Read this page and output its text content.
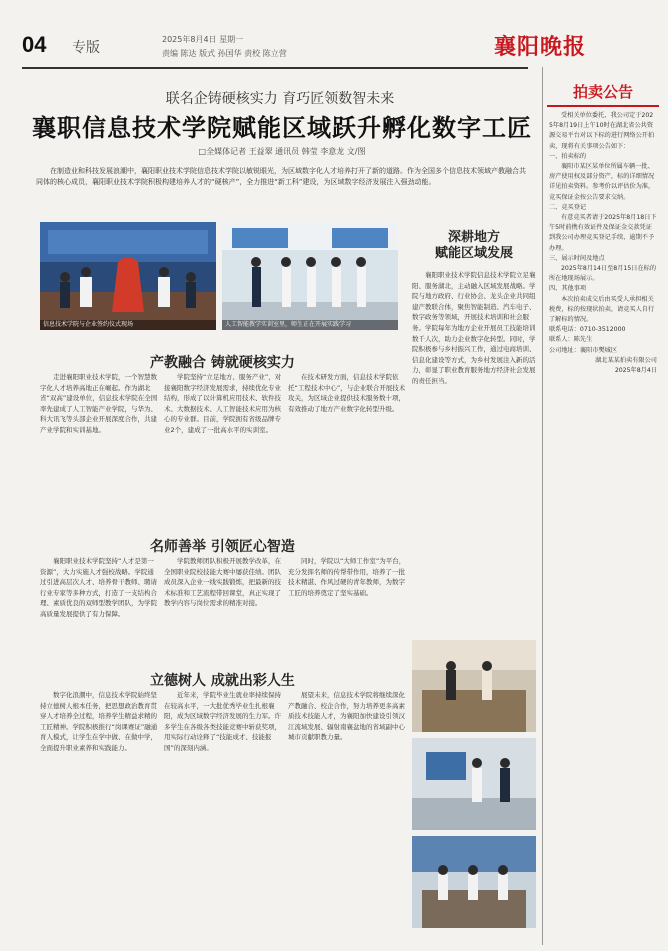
04 专版
2025年8月4日 星期一
责编 陈达 版式 孙国华 责校 陈立营	襄阳晚报
联名企铸硬核实力 育巧匠领数智未来
襄职信息技术学院赋能区域跃升孵化数字工匠
□全媒体记者 王益翠 通讯员 韩莹 李意龙 文/图
在制造业和科技发展浪潮中，襄阳职业技术学院信息技术学院以敏锐眼光，为区域数字化人才培养打开了新的道路。作为全国多个信息技术领域产教融合共同体的核心成员，襄阳职业技术学院积极构建培养人才的“硬核产”，全力推进“新工科”建设，为区域数字经济发展注入强劲动能。
信息技术学院与企业签约仪式现场	人工智能教学实训室里，师生正在开展实践学习
深耕地方
赋能区域发展

襄阳职业技术学院信息技术学院立足襄阳、服务湖北，主动融入区域发展战略。学院与地方政府、行业协会、龙头企业共同组建产教联合体，聚焦智能制造、汽车电子、数字政务等领域，开展技术培训和社会服务。学院每年为地方企业开展员工技能培训数千人次，助力企业数字化转型。同时，学院积极参与乡村振兴工作，通过电商培训、信息化建设等方式，为乡村发展注入新的活力，彰显了职业教育服务地方经济社会发展的责任担当。

产教融合 铸就硬核实力

走进襄阳职业技术学院，一个智慧数字化人才培养高地正在崛起。作为湖北省“双高”建设单位，信息技术学院在全国率先建成了人工智能产业学院，与华为、科大讯飞等头部企业开展深度合作，共建产业学院和实训基地。

学院坚持“立足地方、服务产业”，对接襄阳数字经济发展需求，持续优化专业结构，形成了以计算机应用技术、软件技术、大数据技术、人工智能技术应用为核心的专业群。目前，学院拥有省级品牌专业2个，建成了一批高水平的实训室。

在技术研发方面，信息技术学院依托“工程技术中心”，与企业联合开展技术攻关，为区域企业提供技术服务数十项，有效推动了地方产业数字化转型升级。

名师善举 引领匠心智造

襄阳职业技术学院坚持“人才是第一资源”，大力实施人才强校战略。学院通过引进高层次人才、培养骨干教师、聘请行业专家等多种方式，打造了一支结构合理、素质优良的双师型教学团队，为学院高质量发展提供了有力保障。

学院教师团队积极开展教学改革，在全国职业院校技能大赛中屡获佳绩。团队成员深入企业一线实践锻炼，把最新的技术标准和工艺流程带回课堂，真正实现了教学内容与岗位需求的精准对接。

同时，学院以“大师工作室”为平台，充分发挥名师的传帮带作用，培养了一批技术精湛、作风过硬的青年教师，为数字工匠的培养奠定了坚实基础。

立德树人 成就出彩人生

数字化浪潮中，信息技术学院始终坚持立德树人根本任务，把思想政治教育贯穿人才培养全过程，培养学生精益求精的工匠精神。学院积极推行“岗课赛证”融通育人模式，让学生在学中做、在做中学，全面提升职业素养和实践能力。

近年来，学院毕业生就业率持续保持在较高水平，一大批优秀毕业生扎根襄阳，成为区域数字经济发展的生力军。许多学生在各级各类技能竞赛中斩获奖项，用实际行动诠释了“技能成才、技能报国”的深刻内涵。

展望未来，信息技术学院将继续深化产教融合、校企合作，努力培养更多高素质技术技能人才，为襄阳加快建设引领汉江流域发展、辐射南襄盆地的省域副中心城市贡献职教力量。

拍卖公告

受相关单位委托，我公司定于2025年8月19日上午10时在湖北省公共资源交易平台对以下标的进行网络公开拍卖，现将有关事项公告如下：

一、拍卖标的

襄阳市某区某单位所属车辆一批、房产使用权及部分资产，标的详细情况详见拍卖资料。参考价以评估价为准，竞买保证金按公告要求交纳。

二、竞买登记

有意竞买者请于2025年8月18日下午5时前携有效证件及保证金交款凭证到我公司办理竞买登记手续，逾期不予办理。

三、展示时间及地点

2025年8月14日至8月15日在标的所在地现场展示。

四、其他事项

本次拍卖成交后由买受人承担相关税费，标的按现状拍卖，请竞买人自行了解标的情况。

联系电话：0710-3512000

联系人：陈先生

公司地址：襄阳市樊城区

湖北某某拍卖有限公司

2025年8月4日
